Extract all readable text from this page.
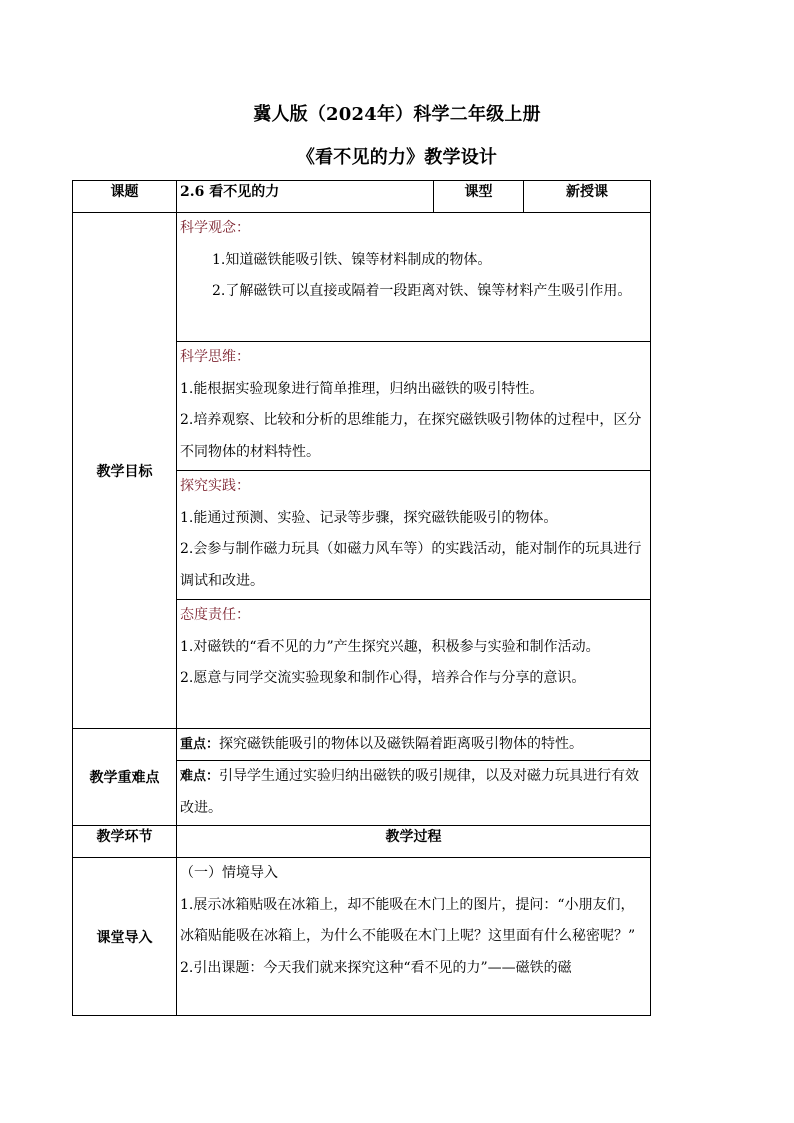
冀人版（2024年）科学二年级上册
《看不见的力》教学设计
课题	2.6 看不见的力	课型	新授课
教学目标	科学观念：

1.知道磁铁能吸引铁、镍等材料制成的物体。

2.了解磁铁可以直接或隔着一段距离对铁、镍等材料产生吸引作用。		

	科学思维：

1.能根据实验现象进行简单推理，归纳出磁铁的吸引特性。

2.培养观察、比较和分析的思维能力，在探究磁铁吸引物体的过程中，区分不同物体的材料特性。		

	探究实践：

1.能通过预测、实验、记录等步骤，探究磁铁能吸引的物体。

2.会参与制作磁力玩具（如磁力风车等）的实践活动，能对制作的玩具进行调试和改进。		

	态度责任：

1.对磁铁的“看不见的力”产生探究兴趣，积极参与实验和制作活动。

2.愿意与同学交流实验现象和制作心得，培养合作与分享的意识。		

教学重难点	重点：探究磁铁能吸引的物体以及磁铁隔着距离吸引物体的特性。		

	难点：引导学生通过实验归纳出磁铁的吸引规律，以及对磁力玩具进行有效改进。		

教学环节	教学过程		
课堂导入	（一）情境导入

1.展示冰箱贴吸在冰箱上，却不能吸在木门上的图片，提问：“小朋友们，冰箱贴能吸在冰箱上，为什么不能吸在木门上呢？这里面有什么秘密呢？”

2.引出课题：今天我们就来探究这种“看不见的力”——磁铁的磁		
